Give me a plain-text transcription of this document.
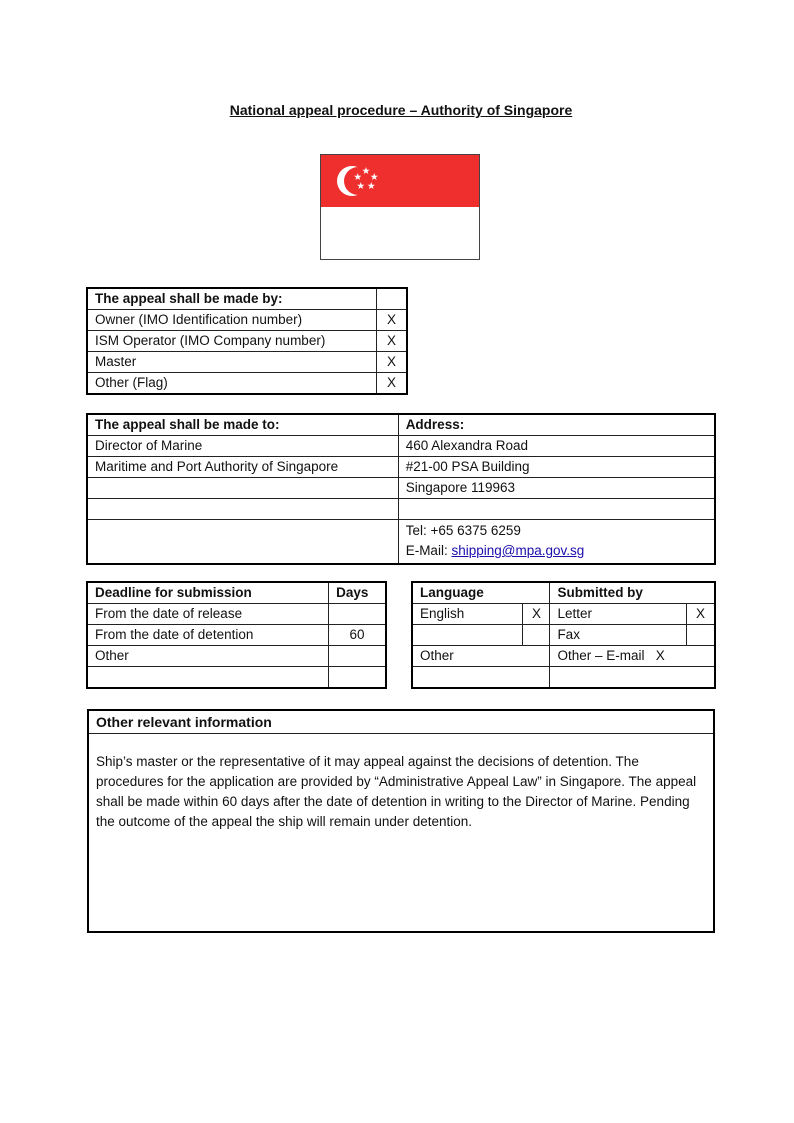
National appeal procedure – Authority of Singapore
The appeal shall be made by:	
Owner (IMO Identification number)	X
ISM Operator (IMO Company number)	X
Master	X
Other (Flag)	X
The appeal shall be made to:	Address:
Director of Marine	460 Alexandra Road
Maritime and Port Authority of Singapore	#21-00 PSA Building
	Singapore 119963

	Tel: +65 6375 6259
E-Mail: shipping@mpa.gov.sg
Deadline for submission	Days
From the date of release	
From the date of detention	60
Other	

Language		Submitted by	
English	X	Letter	X
		Fax	
Other		Other – E-mail   X	

Other relevant information
Ship’s master or the representative of it may appeal against the decisions of detention. The procedures for the application are provided by “Administrative Appeal Law” in Singapore. The appeal shall be made within 60 days after the date of detention in writing to the Director of Marine. Pending the outcome of the appeal the ship will remain under detention.
